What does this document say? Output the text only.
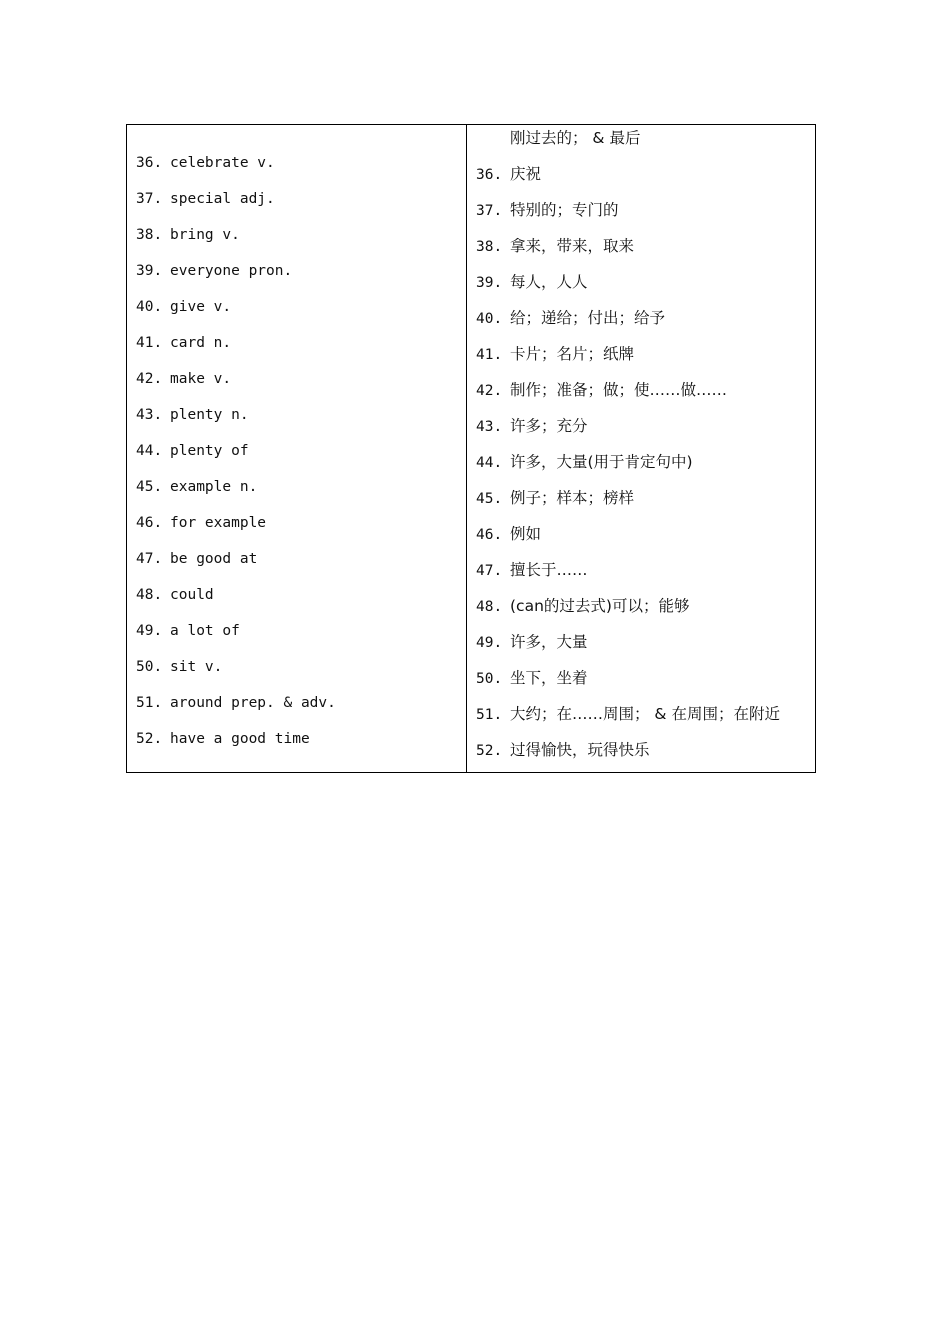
36. celebrate v.
37. special adj.
38. bring v.
39. everyone pron.
40. give v.
41. card n.
42. make v.
43. plenty n.
44. plenty of
45. example n.
46. for example
47. be good at
48. could
49. a lot of
50. sit v.
51. around prep. & adv.
52. have a good time
刚过去的； & 最后
36. 庆祝
37. 特别的；专门的
38. 拿来，带来，取来
39. 每人，人人
40. 给；递给；付出；给予
41. 卡片；名片；纸牌
42. 制作；准备；做；使……做……
43. 许多；充分
44. 许多，大量(用于肯定句中)
45. 例子；样本；榜样
46. 例如
47. 擅长于……
48. (can的过去式)可以；能够
49. 许多，大量
50. 坐下，坐着
51. 大约；在……周围； & 在周围；在附近
52. 过得愉快，玩得快乐
